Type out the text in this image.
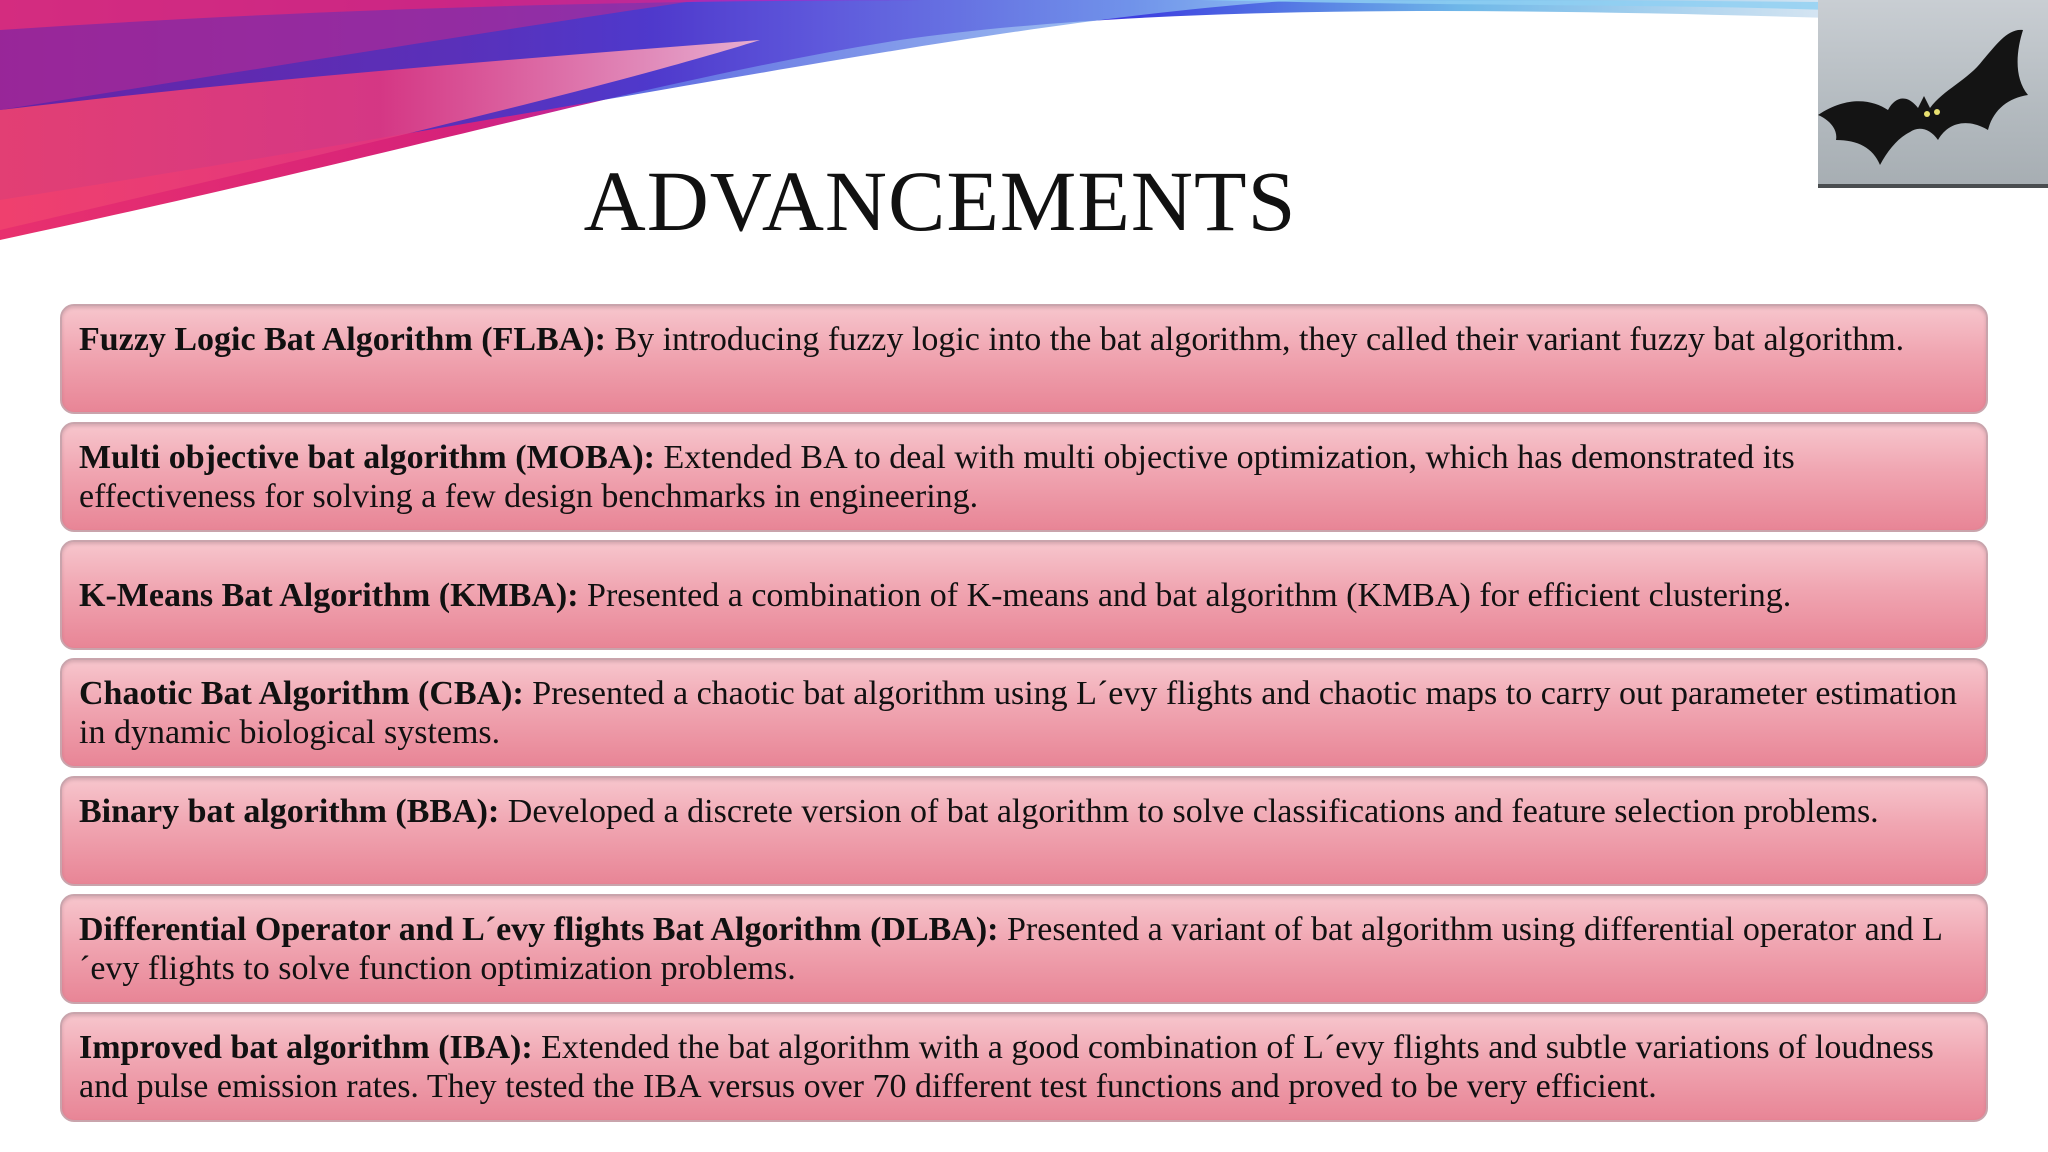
ADVANCEMENTS
Fuzzy Logic Bat Algorithm (FLBA): By introducing fuzzy logic into the bat algorithm, they called their variant fuzzy bat algorithm.
Multi objective bat algorithm (MOBA): Extended BA to deal with multi objective optimization, which has demonstrated its effectiveness for solving a few design benchmarks in engineering.
K-Means Bat Algorithm (KMBA): Presented a combination of K-means and bat algorithm (KMBA) for efficient clustering.
Chaotic Bat Algorithm (CBA): Presented a chaotic bat algorithm using L´evy flights and chaotic maps to carry out parameter estimation in dynamic biological systems.
Binary bat algorithm (BBA): Developed a discrete version of bat algorithm to solve classifications and feature selection problems.
Differential Operator and L´evy flights Bat Algorithm (DLBA): Presented a variant of bat algorithm using differential operator and L´evy flights to solve function optimization problems.
Improved bat algorithm (IBA): Extended the bat algorithm with a good combination of L´evy flights and subtle variations of loudness and pulse emission rates. They tested the IBA versus over 70 different test functions and proved to be very efficient.
